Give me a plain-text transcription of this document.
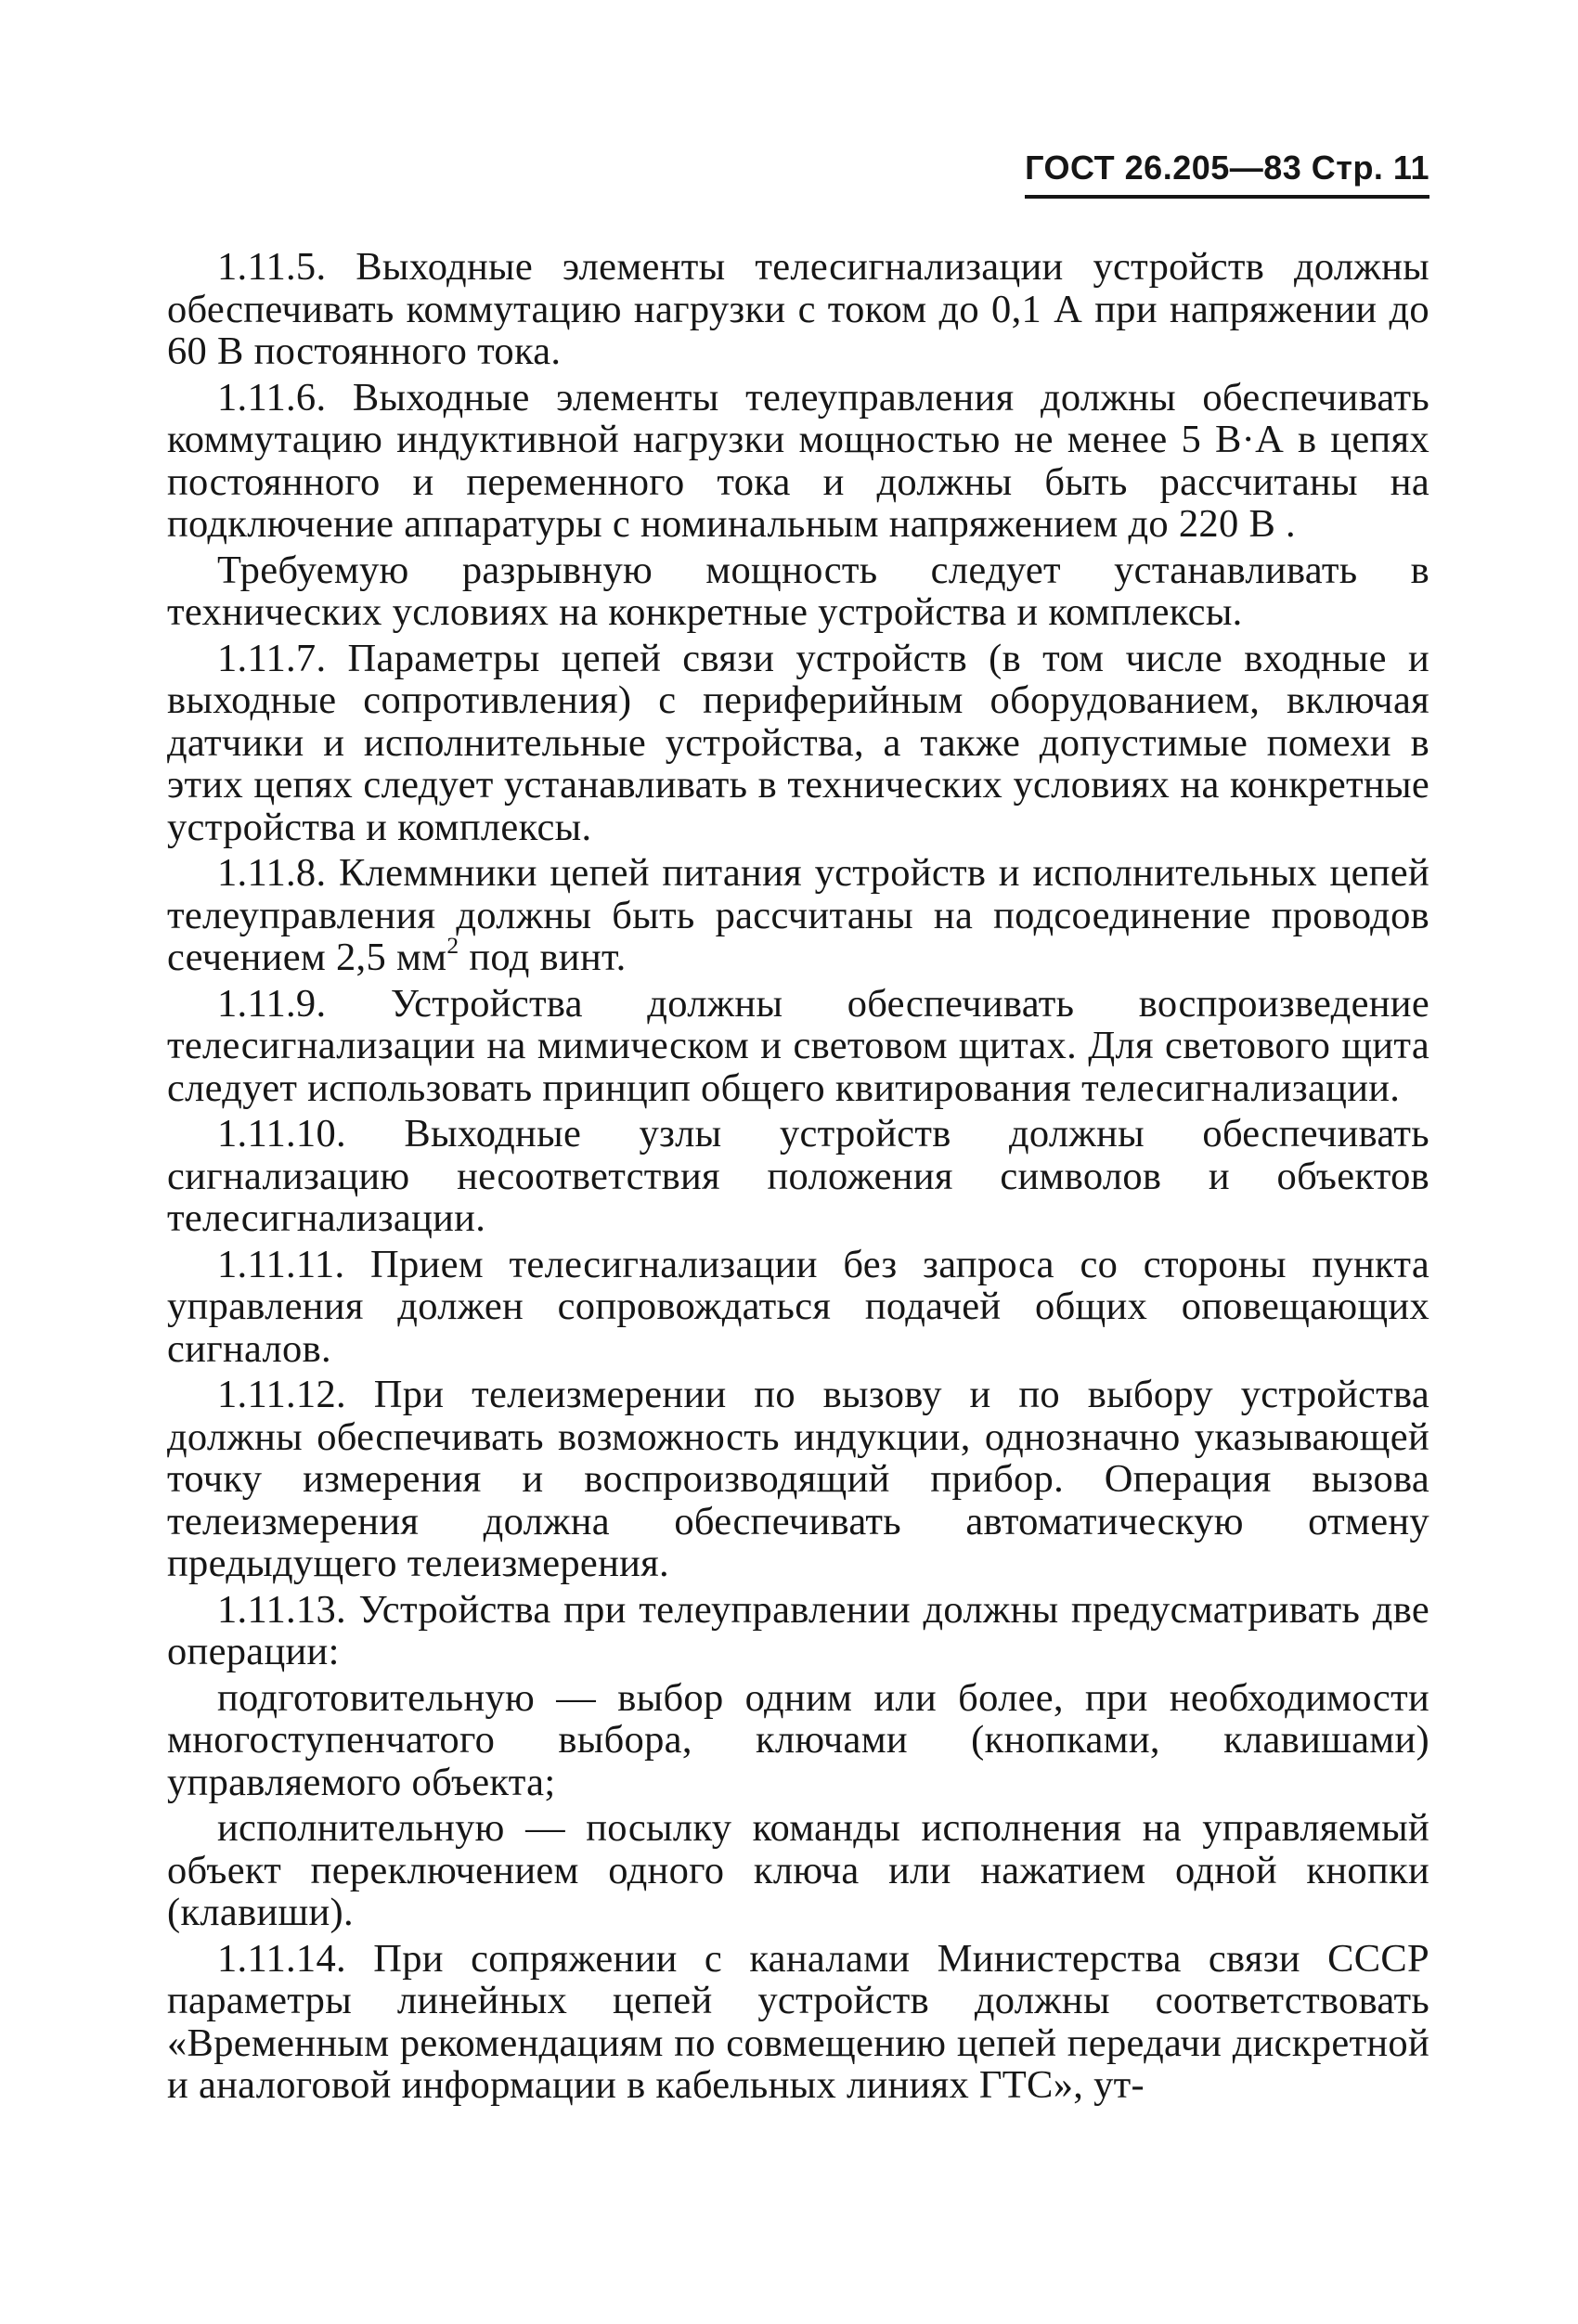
ГОСТ 26.205—83 Стр. 11

1.11.5. Выходные элементы телесигнализации устройств должны обеспечивать коммутацию нагрузки с током до 0,1 А при напряжении до 60 В постоянного тока.

1.11.6. Выходные элементы телеуправления должны обеспечивать коммутацию индуктивной нагрузки мощностью не менее 5 В·А в цепях постоянного и переменного тока и должны быть рассчитаны на подключение аппаратуры с номинальным напряжением до 220 В .

Требуемую разрывную мощность следует устанавливать в технических условиях на конкретные устройства и комплексы.

1.11.7. Параметры цепей связи устройств (в том числе входные и выходные сопротивления) с периферийным оборудованием, включая датчики и исполнительные устройства, а также допустимые помехи в этих цепях следует устанавливать в технических условиях на конкретные устройства и комплексы.

1.11.8. Клеммники цепей питания устройств и исполнительных цепей телеуправления должны быть рассчитаны на подсоединение проводов сечением 2,5 $мм^2$ под винт.

1.11.9. Устройства должны обеспечивать воспроизведение телесигнализации на мимическом и световом щитах. Для светового щита следует использовать принцип общего квитирования телесигнализации.

1.11.10. Выходные узлы устройств должны обеспечивать сигнализацию несоответствия положения символов и объектов телесигнализации.

1.11.11. Прием телесигнализации без запроса со стороны пункта управления должен сопровождаться подачей общих оповещающих сигналов.

1.11.12. При телеизмерении по вызову и по выбору устройства должны обеспечивать возможность индукции, однозначно указывающей точку измерения и воспроизводящий прибор. Операция вызова телеизмерения должна обеспечивать автоматическую отмену предыдущего телеизмерения.

1.11.13. Устройства при телеуправлении должны предусматривать две операции:

подготовительную — выбор одним или более, при необходимости многоступенчатого выбора, ключами (кнопками, клавишами) управляемого объекта;

исполнительную — посылку команды исполнения на управляемый объект переключением одного ключа или нажатием одной кнопки (клавиши).

1.11.14. При сопряжении с каналами Министерства связи СССР параметры линейных цепей устройств должны соответствовать «Временным рекомендациям по совмещению цепей передачи дискретной и аналоговой информации в кабельных линиях ГТС», ут-
